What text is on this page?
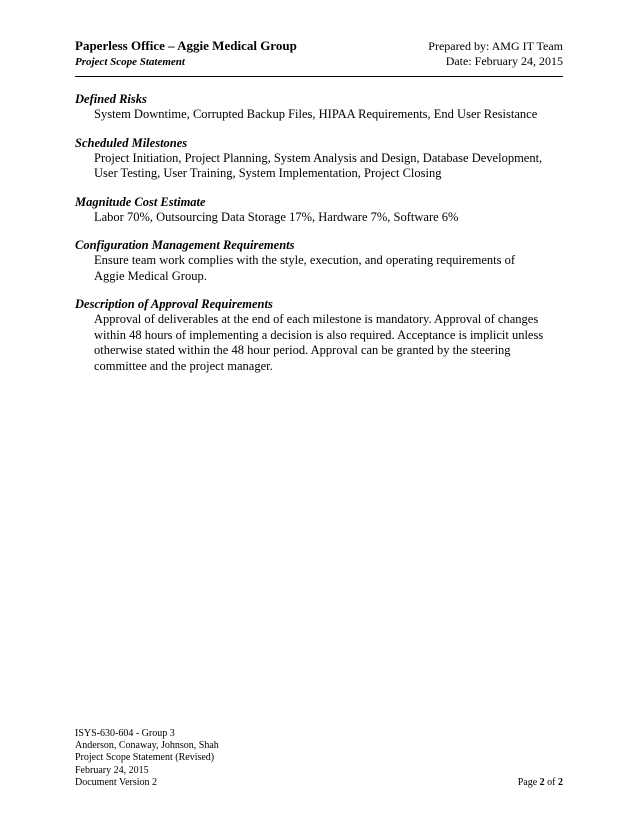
Paperless Office – Aggie Medical Group	Prepared by: AMG IT Team
Project Scope Statement	Date: February 24, 2015
Defined Risks
System Downtime, Corrupted Backup Files, HIPAA Requirements, End User Resistance
Scheduled Milestones
Project Initiation, Project Planning, System Analysis and Design, Database Development, User Testing, User Training, System Implementation, Project Closing
Magnitude Cost Estimate
Labor 70%, Outsourcing Data Storage 17%, Hardware 7%, Software 6%
Configuration Management Requirements
Ensure team work complies with the style, execution, and operating requirements of Aggie Medical Group.
Description of Approval Requirements
Approval of deliverables at the end of each milestone is mandatory. Approval of changes within 48 hours of implementing a decision is also required. Acceptance is implicit unless otherwise stated within the 48 hour period. Approval can be granted by the steering committee and the project manager.
ISYS-630-604 - Group 3
Anderson, Conaway, Johnson, Shah
Project Scope Statement (Revised)
February 24, 2015
Document Version 2	Page 2 of 2
